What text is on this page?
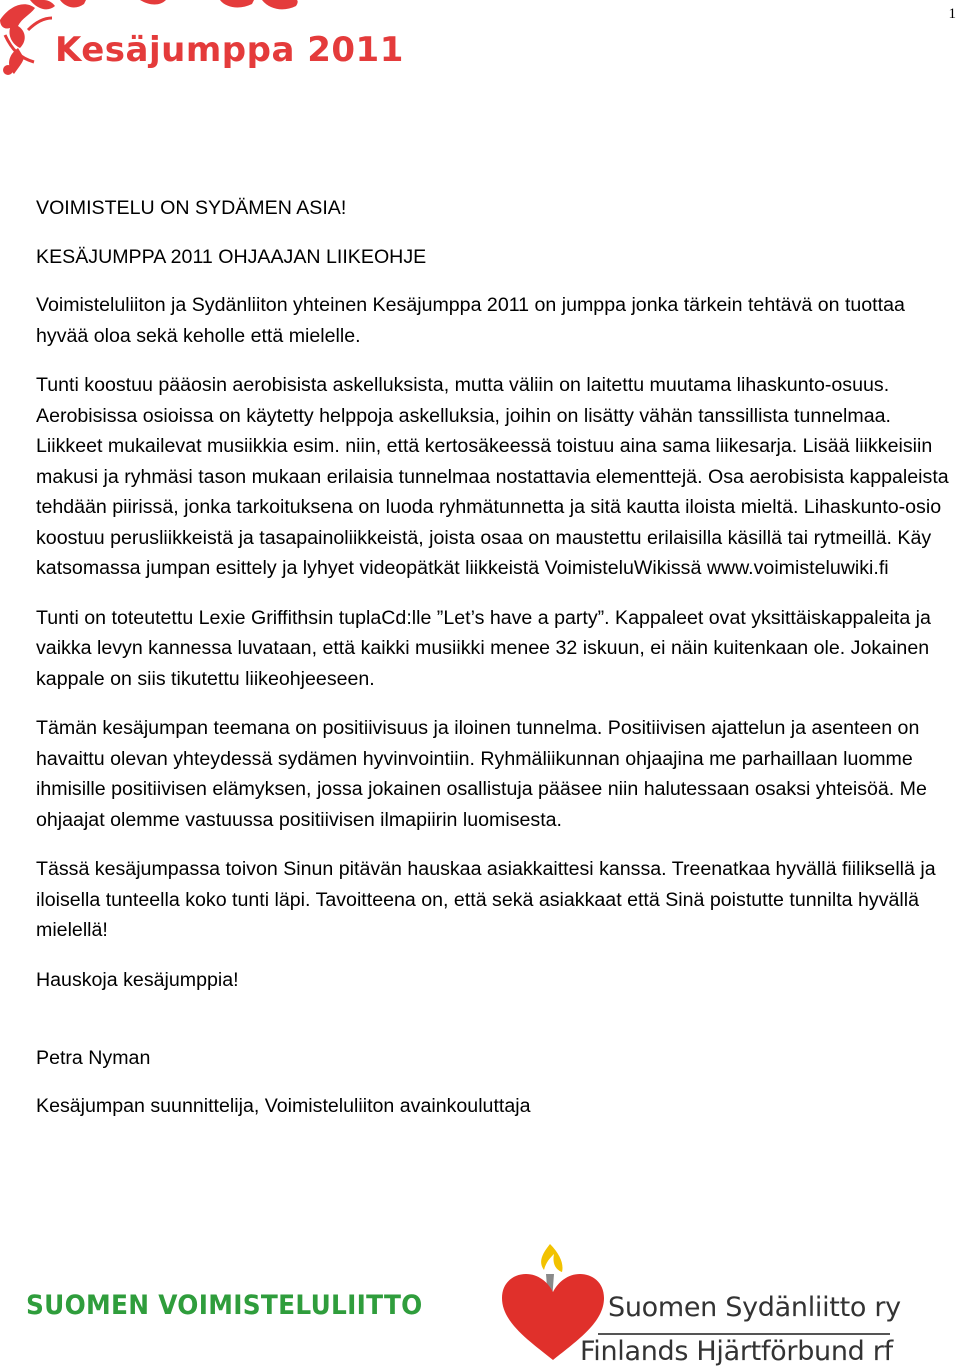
1
Kesäjumppa 2011

VOIMISTELU ON SYDÄMEN ASIA!

KESÄJUMPPA 2011 OHJAAJAN LIIKEOHJE

Voimisteluliiton ja Sydänliiton yhteinen Kesäjumppa 2011 on jumppa jonka tärkein tehtävä on tuottaa hyvää oloa sekä keholle että mielelle.

Tunti koostuu pääosin aerobisista askelluksista, mutta väliin on laitettu muutama lihaskunto-osuus. Aerobisissa osioissa on käytetty helppoja askelluksia, joihin on lisätty vähän tanssillista tunnelmaa. Liikkeet mukailevat musiikkia esim. niin, että kertosäkeessä toistuu aina sama liikesarja. Lisää liikkeisiin makusi ja ryhmäsi tason mukaan erilaisia tunnelmaa nostattavia elementtejä. Osa aerobisista kappaleista tehdään piirissä, jonka tarkoituksena on luoda ryhmätunnetta ja sitä kautta iloista mieltä. Lihaskunto-osio koostuu perusliikkeistä ja tasapainoliikkeistä, joista osaa on maustettu erilaisilla käsillä tai rytmeillä. Käy katsomassa jumpan esittely ja lyhyet videopätkät liikkeistä VoimisteluWikissä www.voimisteluwiki.fi

Tunti on toteutettu Lexie Griffithsin tuplaCd:lle ”Let’s have a party”. Kappaleet ovat yksittäiskappaleita ja vaikka levyn kannessa luvataan, että kaikki musiikki menee 32 iskuun, ei näin kuitenkaan ole. Jokainen kappale on siis tikutettu liikeohjeeseen.

Tämän kesäjumpan teemana on positiivisuus ja iloinen tunnelma. Positiivisen ajattelun ja asenteen on havaittu olevan yhteydessä sydämen hyvinvointiin. Ryhmäliikunnan ohjaajina me parhaillaan luomme ihmisille positiivisen elämyksen, jossa jokainen osallistuja pääsee niin halutessaan osaksi yhteisöä. Me ohjaajat olemme vastuussa positiivisen ilmapiirin luomisesta.

Tässä kesäjumpassa toivon Sinun pitävän hauskaa asiakkaittesi kanssa. Treenatkaa hyvällä fiiliksellä ja iloisella tunteella koko tunti läpi. Tavoitteena on, että sekä asiakkaat että Sinä poistutte tunnilta hyvällä mielellä!

Hauskoja kesäjumppia!

Petra Nyman

Kesäjumpan suunnittelija, Voimisteluliiton avainkouluttaja

SUOMEN VOIMISTELULIITTO	Suomen Sydänliitto ry
Finlands Hjärtförbund rf
